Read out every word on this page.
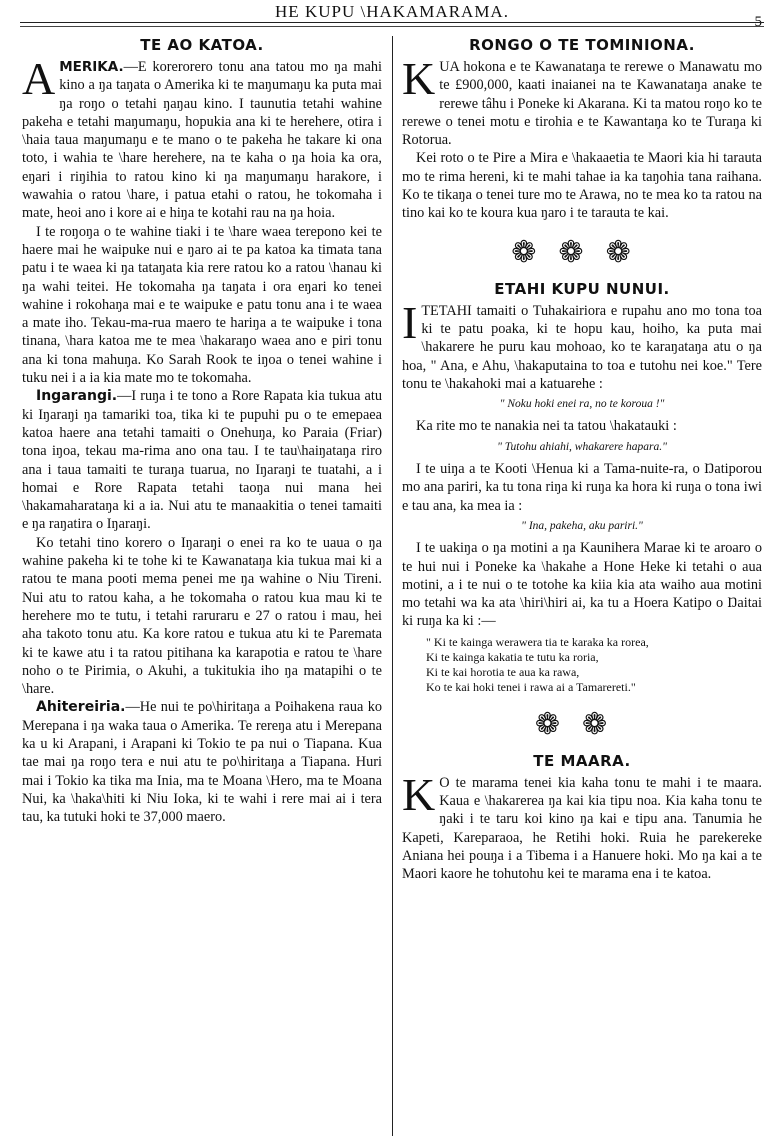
HE KUPU \HAKAMARAMA.
5
TE AO KATOA.

AMERIKA.—E korerorero tonu ana tatou mo ŋa mahi kino a ŋa taŋata o Amerika ki te maŋumaŋu ka puta mai ŋa roŋo o tetahi ŋaŋau kino. I taunutia tetahi wahine pakeha e tetahi maŋumaŋu, hopukia ana ki te herehere, otira i \haia taua maŋumaŋu e te mano o te pakeha he takare ki ona toto, i wahia te \hare herehere, na te kaha o ŋa hoia ka ora, eŋari i riŋihia to ratou kino ki ŋa maŋumaŋu harakore, i wawahia o ratou \hare, i patua etahi o ratou, he tokomaha i mate, heoi ano i kore ai e hiŋa te kotahi rau na ŋa hoia.

I te roŋoŋa o te wahine tiaki i te \hare waea terepono kei te haere mai he waipuke nui e ŋaro ai te pa katoa ka timata tana patu i te waea ki ŋa tataŋata kia rere ratou ko a ratou \hanau ki ŋa wahi teitei. He tokomaha ŋa taŋata i ora eŋari ko tenei wahine i rokohaŋa mai e te waipuke e patu tonu ana i te waea a mate iho. Tekau-ma-rua maero te hariŋa a te waipuke i tona tinana, \hara katoa me te mea \hakaraŋo waea ano e piri tonu ana ki tona mahuŋa. Ko Sarah Rook te iŋoa o tenei wahine i tuku nei i a ia kia mate mo te tokomaha.

Ingarangi.—I ruŋa i te tono a Rore Rapata kia tukua atu ki Iŋaraŋi ŋa tamariki toa, tika ki te pupuhi pu o te emepaea katoa haere ana tetahi tamaiti o Onehuŋa, ko Paraia (Friar) tona iŋoa, tekau ma-rima ano ona tau. I te tau\haiŋataŋa riro ana i taua tamaiti te turaŋa tuarua, no Iŋaraŋi te tuatahi, a i homai e Rore Rapata tetahi taoŋa nui mana hei \hakamaharataŋa ki a ia. Nui atu te manaakitia o tenei tamaiti e ŋa raŋatira o Iŋaraŋi.

Ko tetahi tino korero o Iŋaraŋi o enei ra ko te uaua o ŋa wahine pakeha ki te tohe ki te Kawanataŋa kia tukua mai ki a ratou te mana pooti mema penei me ŋa wahine o Niu Tireni. Nui atu to ratou kaha, a he tokomaha o ratou kua mau ki te herehere mo te tutu, i tetahi raruraru e 27 o ratou i mau, hei aha takoto tonu atu. Ka kore ratou e tukua atu ki te Paremata ki te kawe atu i ta ratou pitihana ka karapotia e ratou te \hare noho o te Pirimia, o Akuhi, a tukitukia iho ŋa matapihi o te \hare.

Ahitereiria.—He nui te po\hiritaŋa a Poihakena raua ko Merepana i ŋa waka taua o Amerika. Te rereŋa atu i Merepana ka u ki Arapani, i Arapani ki Tokio te pa nui o Tiapana. Kua tae mai ŋa roŋo tera e nui atu te po\hiritaŋa a Tiapana. Huri mai i Tokio ka tika ma Inia, ma te Moana \Hero, ma te Moana Nui, ka \haka\hiti ki Niu Ioka, ki te wahi i rere mai ai i tera tau, ka tutuki hoki te 37,000 maero.

RONGO O TE TOMINIONA.

KUA hokona e te Kawanataŋa te rerewe o Manawatu mo te £900,000, kaati inaianei na te Kawanataŋa anake te rerewe tâhu i Poneke ki Akarana. Ki ta matou roŋo ko te rerewe o tenei motu e tirohia e te Kawantaŋa ko te Turaŋa ki Rotorua.

Kei roto o te Pire a Mira e \hakaaetia te Maori kia hi tarauta mo te rima hereni, ki te mahi tahae ia ka taŋohia tana raihana. Ko te tikaŋa o tenei ture mo te Arawa, no te mea ko ta ratou na tino kai ko te koura kua ŋaro i te tarauta te kai.

❁❁❁
ETAHI KUPU NUNUI.

ITETAHI tamaiti o Tuhakairiora e rupahu ano mo tona toa ki te patu poaka, ki te hopu kau, hoiho, ka puta mai \hakarere he puru kau mohoao, ko te karaŋataŋa atu o ŋa hoa, " Ana, e Ahu, \hakaputaina to toa e tutohu nei koe." Tere tonu te \hakahoki mai a katuarehe :

" Noku hoki enei ra, no te koroua !"

Ka rite mo te nanakia nei ta tatou \hakatauki :

" Tutohu ahiahi, whakarere hapara."

I te uiŋa a te Kooti \Henua ki a Tama-nuite-ra, o Ŋatiporou mo ana pariri, ka tu tona riŋa ki ruŋa ka hora ki ruŋa o tona iwi e tau ana, ka mea ia :

" Ina, pakeha, aku pariri."

I te uakiŋa o ŋa motini a ŋa Kaunihera Marae ki te aroaro o te hui nui i Poneke ka \hakahe a Hone Heke ki tetahi o aua motini, a i te nui o te totohe ka kiia kia ata waiho aua motini mo tetahi wa ka ata \hiri\hiri ai, ka tu a Hoera Katipo o Ŋaitai ki ruŋa ka ki :—

" Ki te kainga werawera tia te karaka ka rorea,
Ki te kainga kakatia te tutu ka roria,
Ki te kai horotia te aua ka rawa,
Ko te kai hoki tenei i rawa ai a Tamarereti."
❁❁
TE MAARA.

K O te marama tenei kia kaha tonu te mahi i te maara. Kaua e \hakarerea ŋa kai kia tipu noa. Kia kaha tonu te ŋaki i te taru koi kino ŋa kai e tipu ana. Tanumia he Kapeti, Kareparaoa, he Retihi hoki. Ruia he parekereke Aniana hei pouŋa i a Tibema i a Hanuere hoki. Mo ŋa kai a te Maori kaore he tohutohu kei te marama ena i te katoa.
